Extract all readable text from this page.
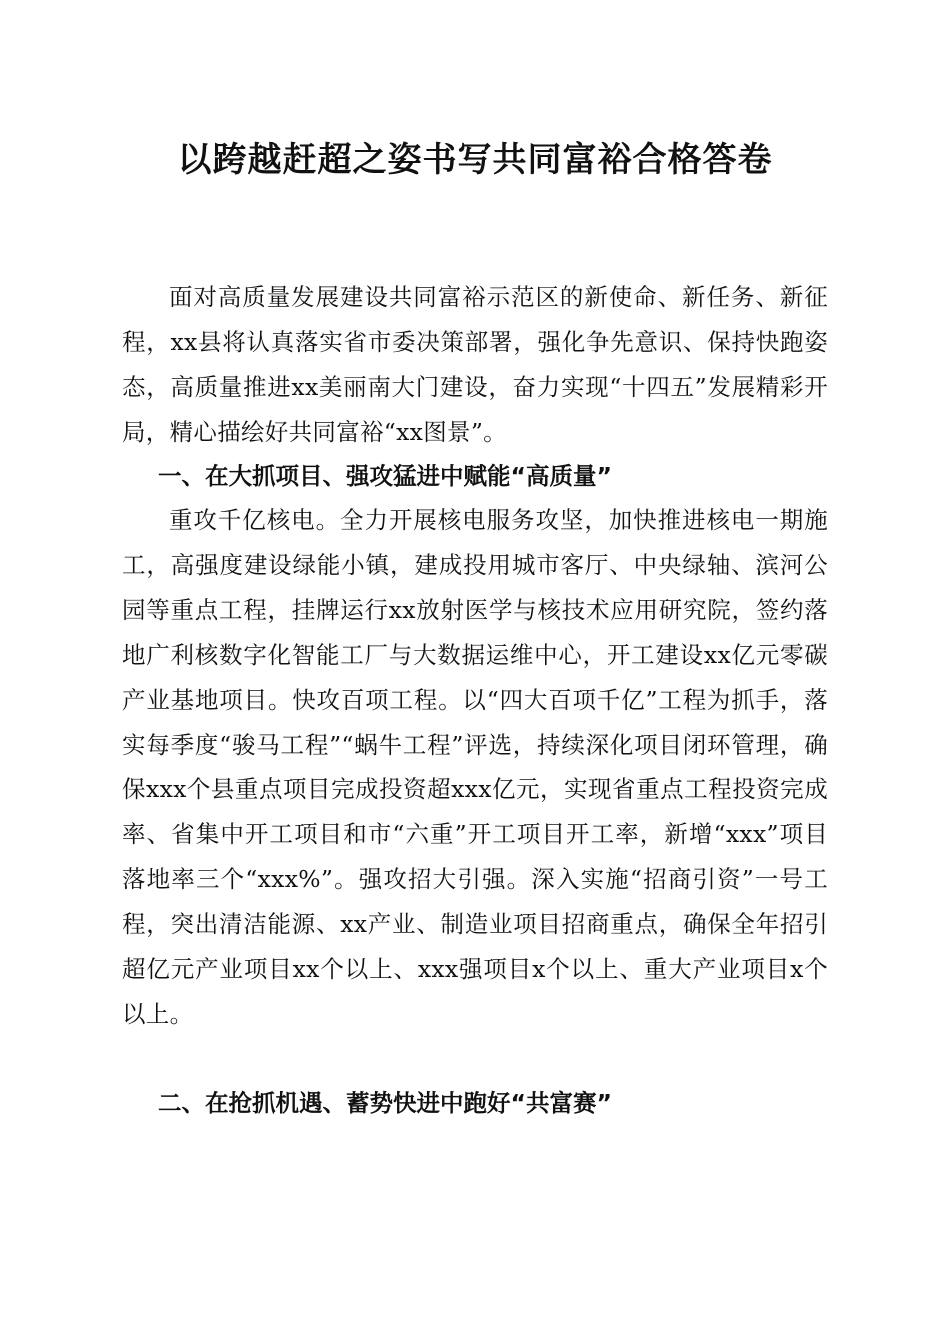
以跨越赶超之姿书写共同富裕合格答卷

面对高质量发展建设共同富裕示范区的新使命、新任务、新征程，xx县将认真落实省市委决策部署，强化争先意识、保持快跑姿态，高质量推进xx美丽南大门建设，奋力实现“十四五”发展精彩开局，精心描绘好共同富裕“xx图景”。

一、在大抓项目、强攻猛进中赋能“高质量”

重攻千亿核电。全力开展核电服务攻坚，加快推进核电一期施工，高强度建设绿能小镇，建成投用城市客厅、中央绿轴、滨河公园等重点工程，挂牌运行xx放射医学与核技术应用研究院，签约落地广利核数字化智能工厂与大数据运维中心，开工建设xx亿元零碳产业基地项目。快攻百项工程。以“四大百项千亿”工程为抓手，落实每季度“骏马工程”“蜗牛工程”评选，持续深化项目闭环管理，确保xxx个县重点项目完成投资超xxx亿元，实现省重点工程投资完成率、省集中开工项目和市“六重”开工项目开工率，新增“xxx”项目落地率三个“xxx%”。强攻招大引强。深入实施“招商引资”一号工程，突出清洁能源、xx产业、制造业项目招商重点，确保全年招引超亿元产业项目xx个以上、xxx强项目x个以上、重大产业项目x个以上。

二、在抢抓机遇、蓄势快进中跑好“共富赛”
